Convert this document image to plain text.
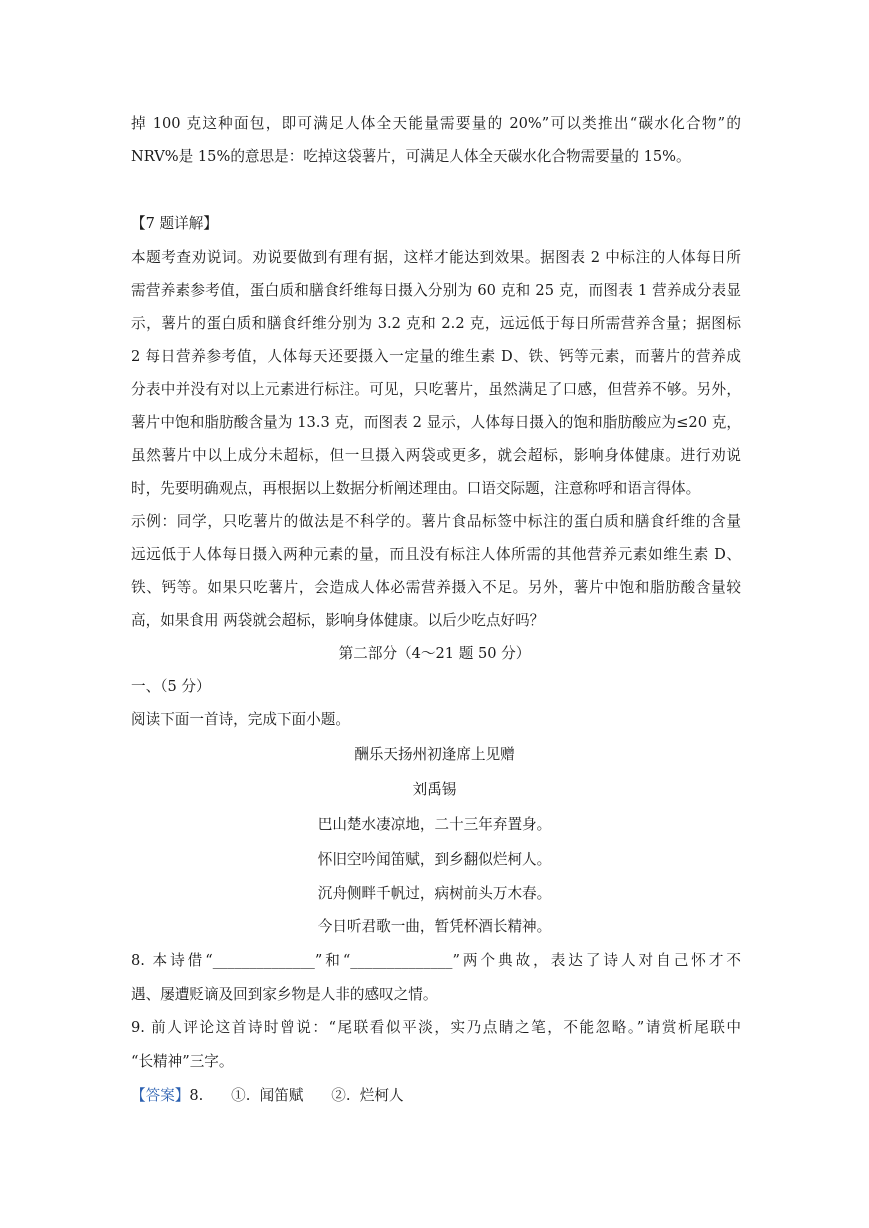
掉 100 克这种面包，即可满足人体全天能量需要量的 20%”可以类推出“碳水化合物”的
NRV%是 15%的意思是：吃掉这袋薯片，可满足人体全天碳水化合物需要量的 15%。
【7 题详解】
本题考查劝说词。劝说要做到有理有据，这样才能达到效果。据图表 2 中标注的人体每日所
需营养素参考值，蛋白质和膳食纤维每日摄入分别为 60 克和 25 克，而图表 1 营养成分表显
示，薯片的蛋白质和膳食纤维分别为 3.2 克和 2.2 克，远远低于每日所需营养含量；据图标
2 每日营养参考值，人体每天还要摄入一定量的维生素 D、铁、钙等元素，而薯片的营养成
分表中并没有对以上元素进行标注。可见，只吃薯片，虽然满足了口感，但营养不够。另外，
薯片中饱和脂肪酸含量为 13.3 克，而图表 2 显示，人体每日摄入的饱和脂肪酸应为≤20 克，
虽然薯片中以上成分未超标，但一旦摄入两袋或更多，就会超标，影响身体健康。进行劝说
时，先要明确观点，再根据以上数据分析阐述理由。口语交际题，注意称呼和语言得体。
示例：同学，只吃薯片的做法是不科学的。薯片食品标签中标注的蛋白质和膳食纤维的含量
远远低于人体每日摄入两种元素的量，而且没有标注人体所需的其他营养元素如维生素 D、
铁、钙等。如果只吃薯片，会造成人体必需营养摄入不足。另外，薯片中饱和脂肪酸含量较
高，如果食用 两袋就会超标，影响身体健康。以后少吃点好吗？
第二部分（4～21 题 50 分）
一、（5 分）
阅读下面一首诗，完成下面小题。
酬乐天扬州初逢席上见赠
刘禹锡
巴山楚水凄凉地，二十三年弃置身。
怀旧空吟闻笛赋，到乡翻似烂柯人。
沉舟侧畔千帆过，病树前头万木春。
今日听君歌一曲，暂凭杯酒长精神。
8. 本诗借“______________”和“______________”两个典故，表达了诗人对自己怀才不
遇、屡遭贬谪及回到家乡物是人非的感叹之情。
9. 前人评论这首诗时曾说：“尾联看似平淡，实乃点睛之笔，不能忽略。”请赏析尾联中
“长精神”三字。
【答案】8.      ①.  闻笛赋      ②.  烂柯人
